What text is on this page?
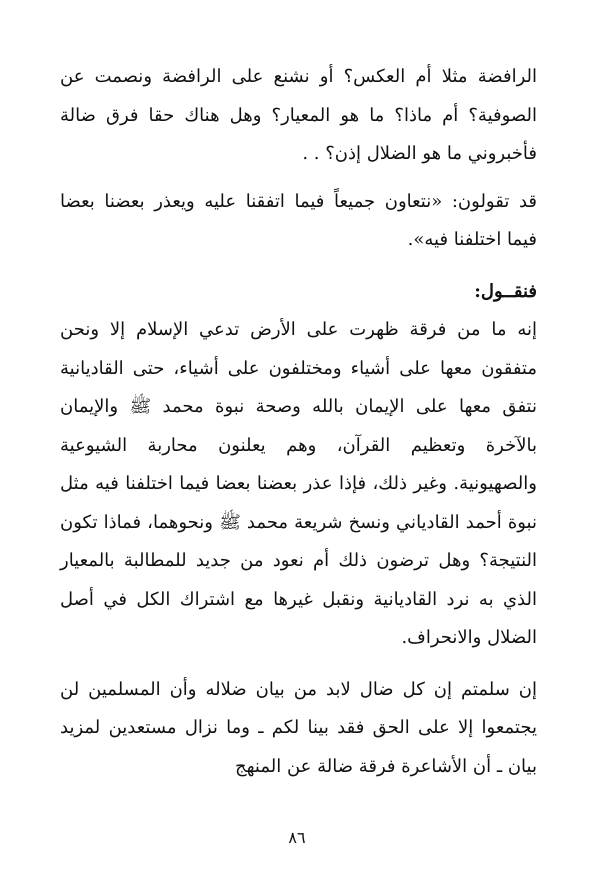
الرافضة مثلا أم العكس؟ أو نشنع على الرافضة ونصمت عن الصوفية؟ أم ماذا؟ ما هو المعيار؟ وهل هناك حقا فرق ضالة فأخبروني ما هو الضلال إذن؟ . .

قد تقولون: «نتعاون جميعاً فيما اتفقنا عليه ويعذر بعضنا بعضا فيما اختلفنا فيه».

فنقــول:

إنه ما من فرقة ظهرت على الأرض تدعي الإسلام إلا ونحن متفقون معها على أشياء ومختلفون على أشياء، حتى القاديانية نتفق معها على الإيمان بالله وصحة نبوة محمد ﷺ والإيمان بالآخرة وتعظيم القرآن، وهم يعلنون محاربة الشيوعية والصهيونية. وغير ذلك، فإذا عذر بعضنا بعضا فيما اختلفنا فيه مثل نبوة أحمد القادياني ونسخ شريعة محمد ﷺ ونحوهما، فماذا تكون النتيجة؟ وهل ترضون ذلك أم نعود من جديد للمطالبة بالمعيار الذي به نرد القاديانية ونقبل غيرها مع اشتراك الكل في أصل الضلال والانحراف.

إن سلمتم إن كل ضال لابد من بيان ضلاله وأن المسلمين لن يجتمعوا إلا على الحق فقد بينا لكم ـ وما نزال مستعدين لمزيد بيان ـ أن الأشاعرة فرقة ضالة عن المنهج

٨٦
